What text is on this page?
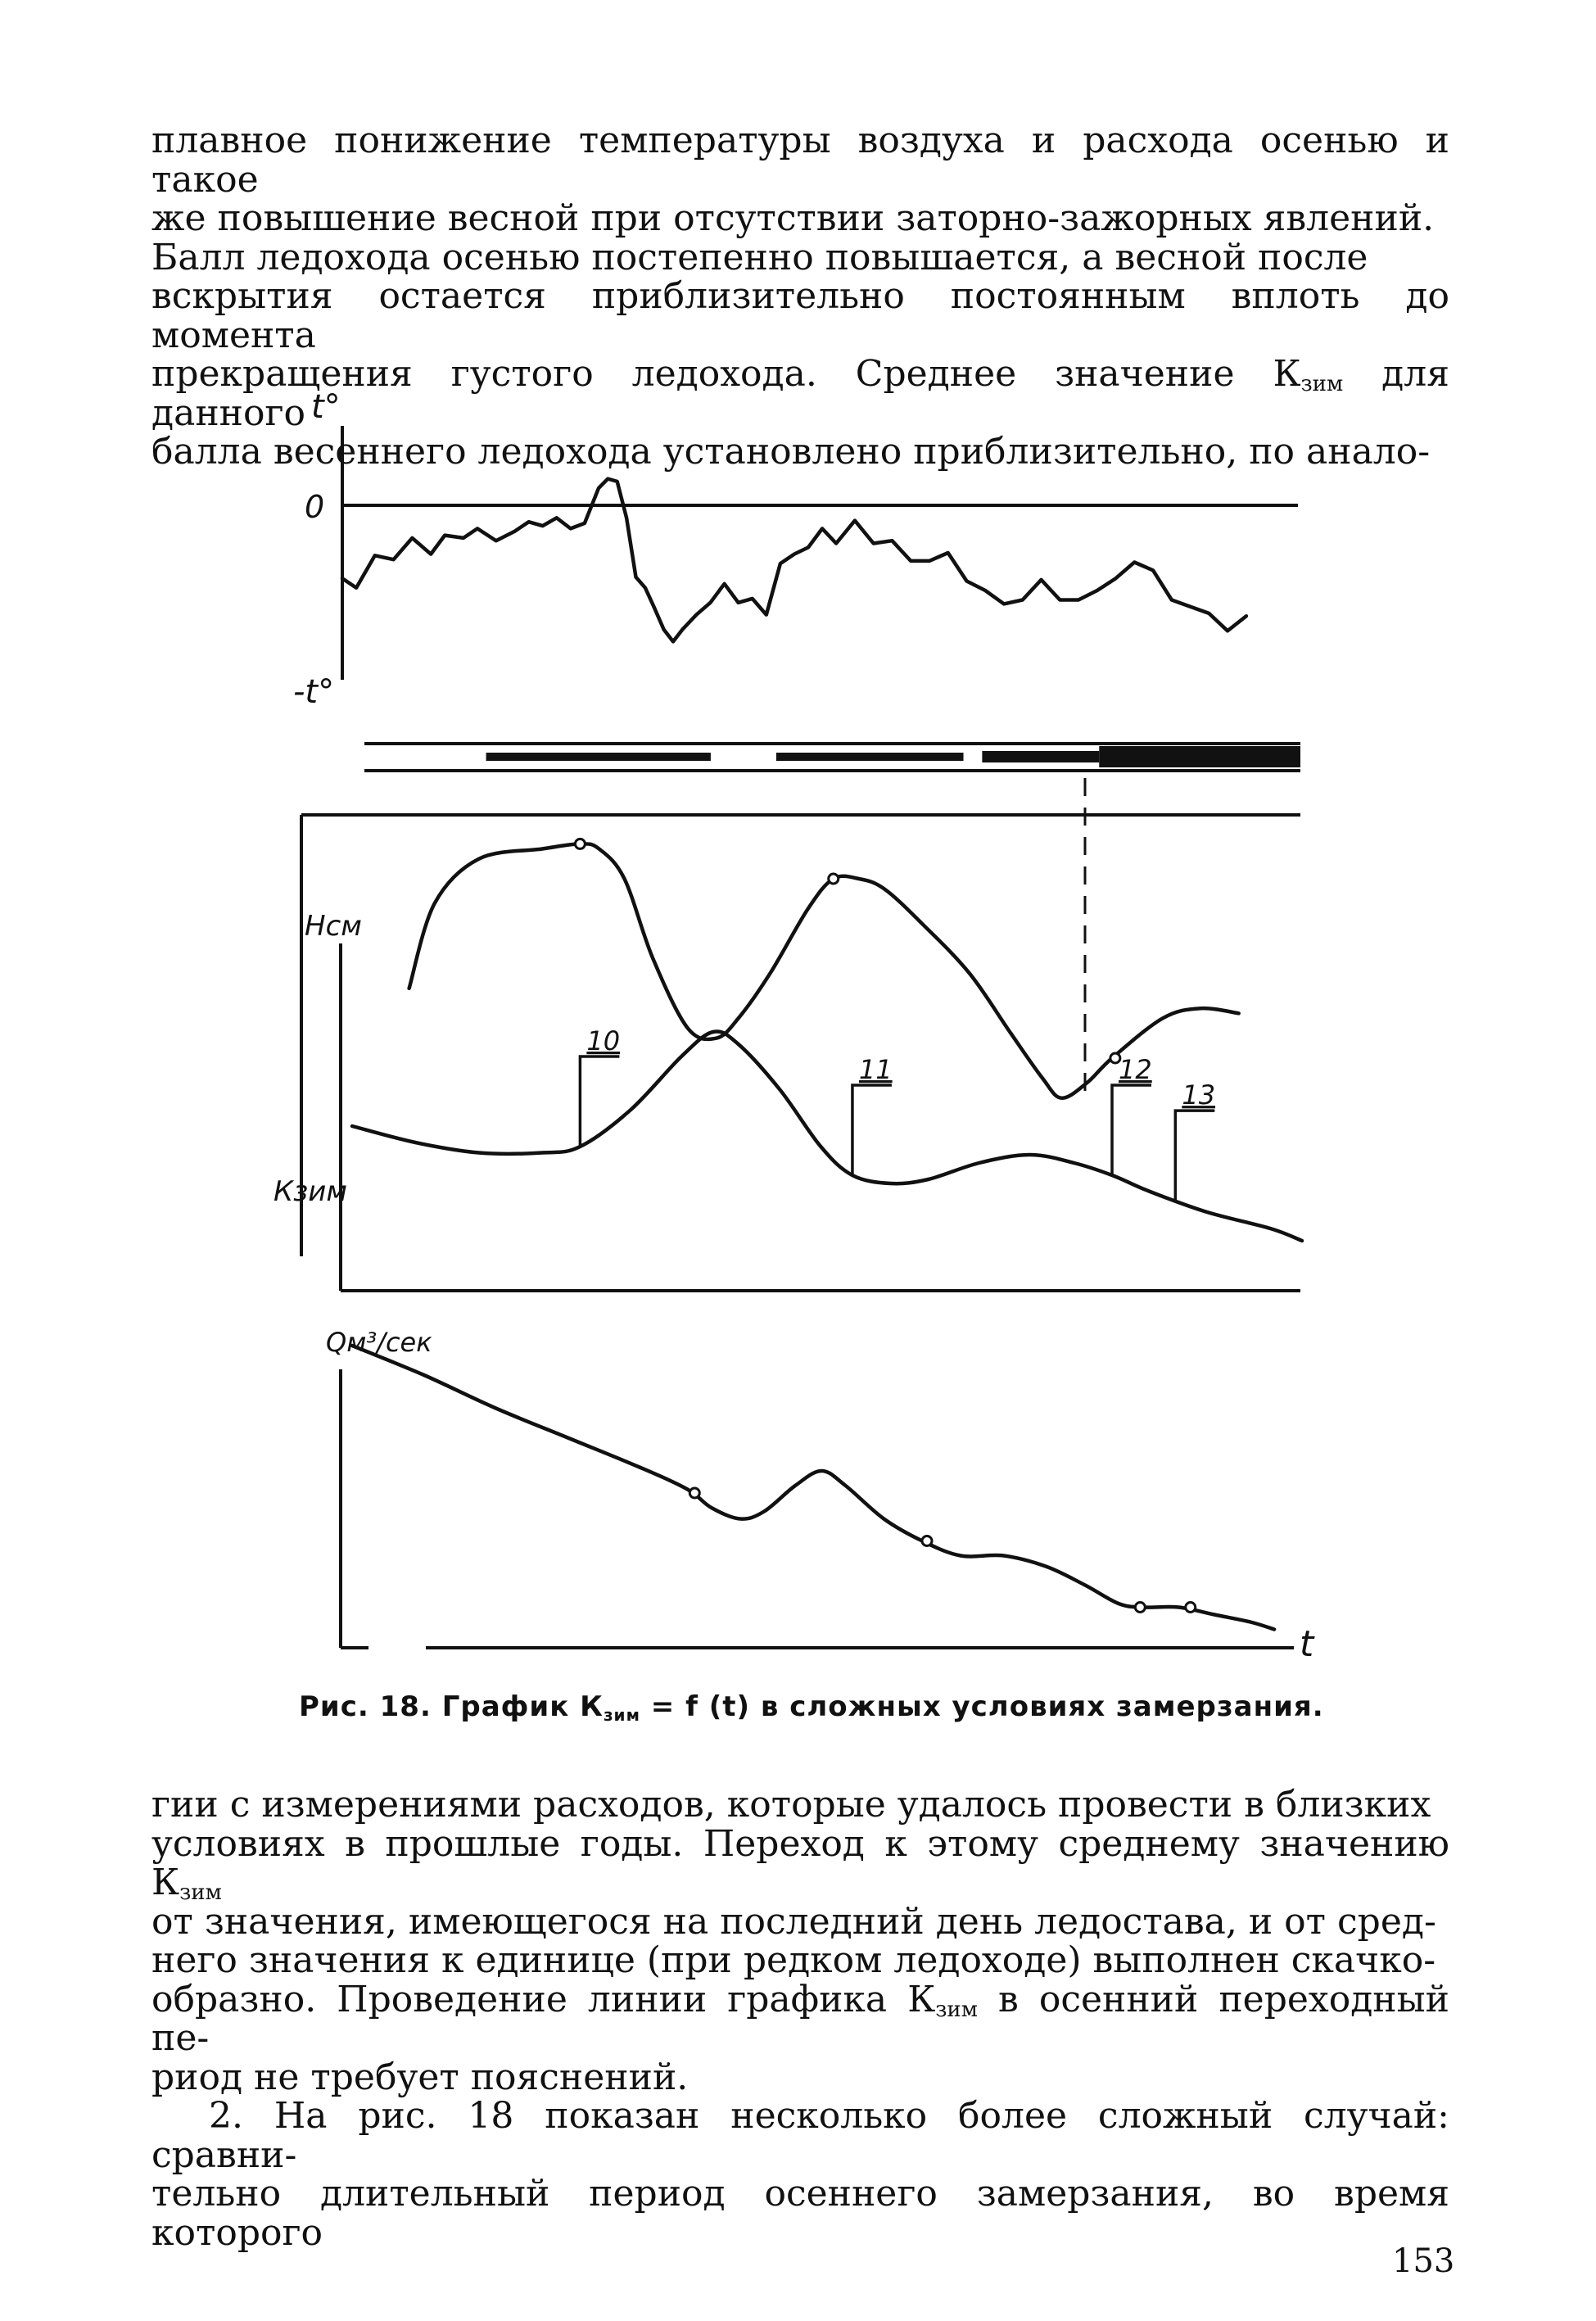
плавное понижение температуры воздуха и расхода осенью и такое

же повышение весной при отсутствии заторно-зажорных явлений.

Балл ледохода осенью постепенно повышается, а весной после

вскрытия остается приблизительно постоянным вплоть до момента

прекращения густого ледохода. Среднее значение $К_{зим}$ для данного

балла весеннего ледохода установлено приблизительно, по анало-

t°
0
-t°
Нсм
Кзим
10
11	12
13
Qм³/сек
t
Рис. 18. График $К_{зим} = f$ (t) в сложных условиях замерзания.

гии с измерениями расходов, которые удалось провести в близких

условиях в прошлые годы. Переход к этому среднему значению $К_{зим}$

от значения, имеющегося на последний день ледостава, и от сред-

него значения к единице (при редком ледоходе) выполнен скачко-

образно. Проведение линии графика $К_{зим}$ в осенний переходный пе-

риод не требует пояснений.

2. На рис. 18 показан несколько более сложный случай: сравни-

тельно длительный период осеннего замерзания, во время которого

153
